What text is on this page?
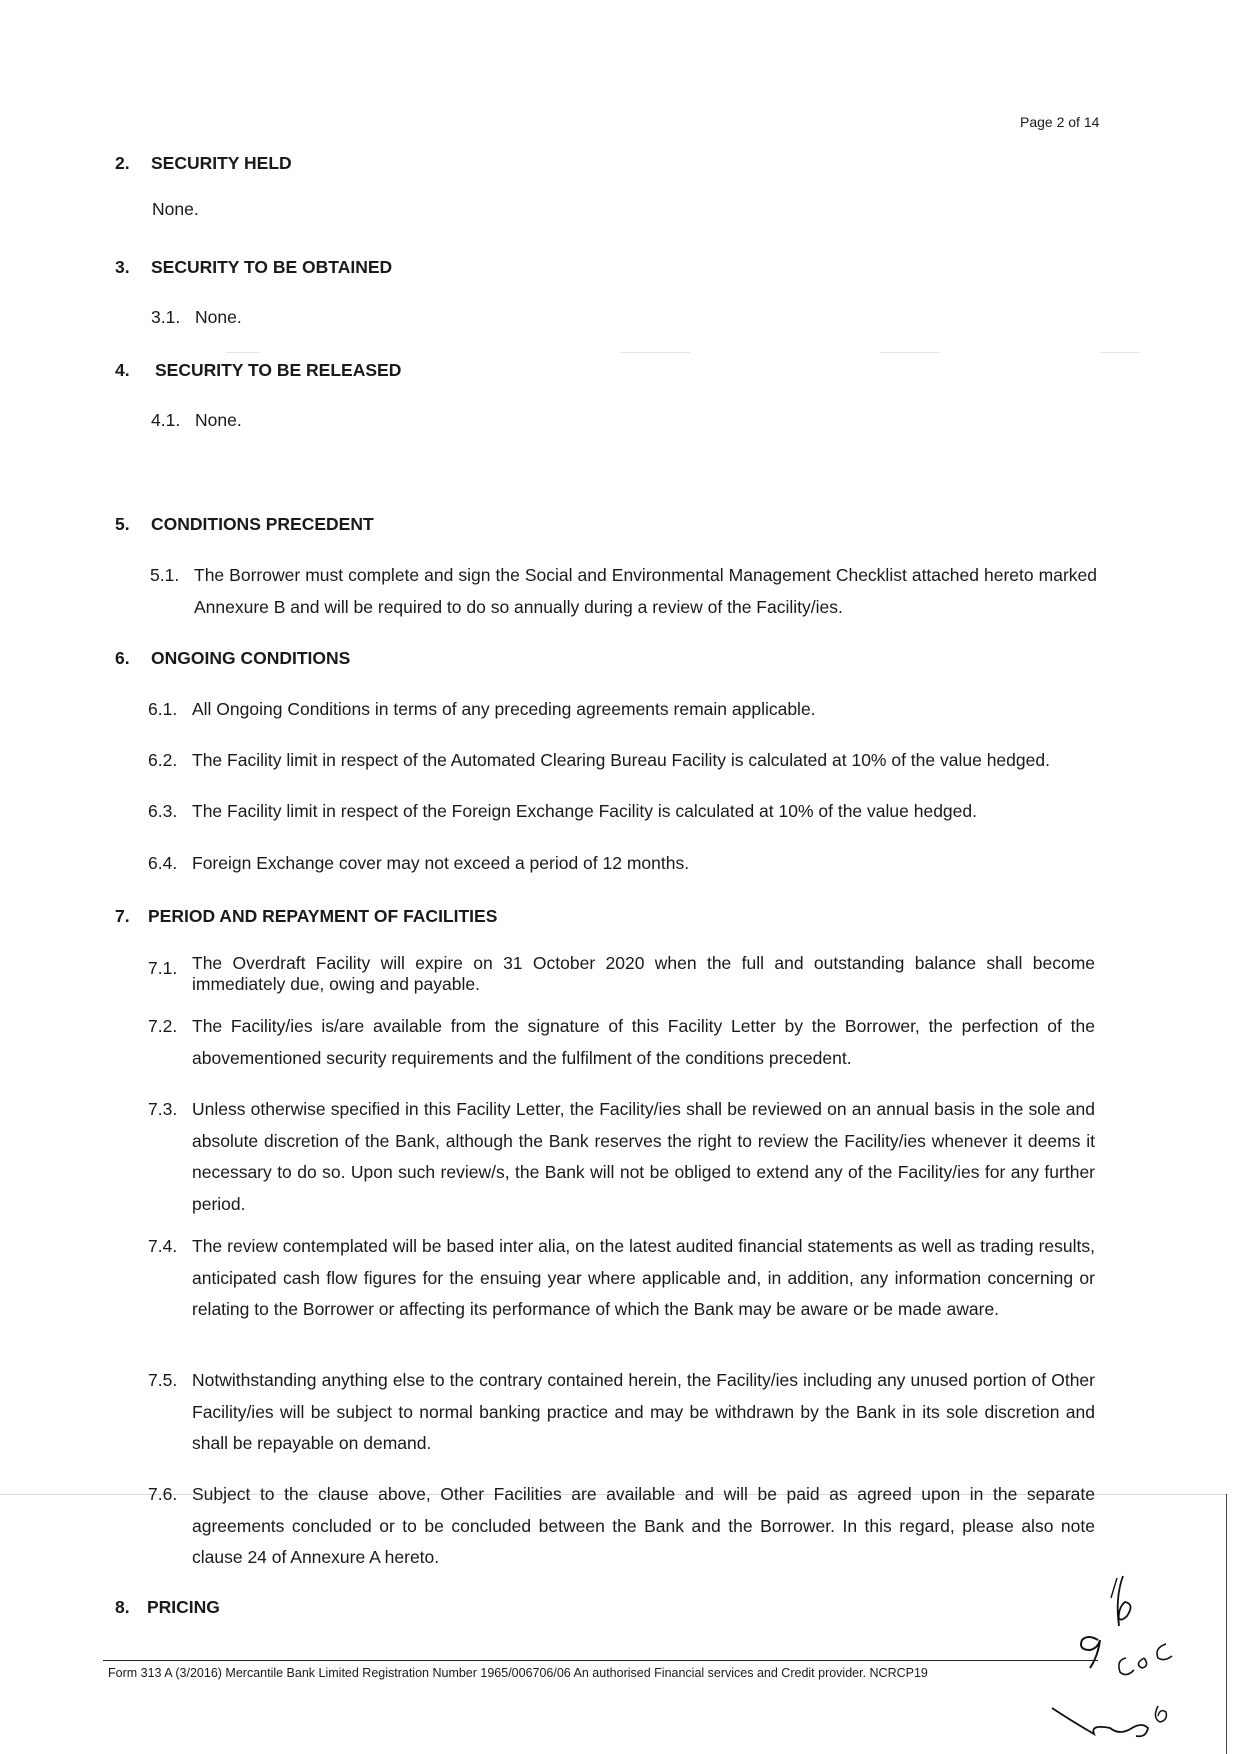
Page 2 of 14
2. SECURITY HELD
None.
3. SECURITY TO BE OBTAINED
3.1. None.
4. SECURITY TO BE RELEASED
4.1. None.
5. CONDITIONS PRECEDENT
5.1. The Borrower must complete and sign the Social and Environmental Management Checklist attached hereto marked Annexure B and will be required to do so annually during a review of the Facility/ies.
6. ONGOING CONDITIONS
6.1. All Ongoing Conditions in terms of any preceding agreements remain applicable.
6.2. The Facility limit in respect of the Automated Clearing Bureau Facility is calculated at 10% of the value hedged.
6.3. The Facility limit in respect of the Foreign Exchange Facility is calculated at 10% of the value hedged.
6.4. Foreign Exchange cover may not exceed a period of 12 months.
7. PERIOD AND REPAYMENT OF FACILITIES
7.1. The Overdraft Facility will expire on 31 October 2020 when the full and outstanding balance shall become immediately due, owing and payable.
7.2. The Facility/ies is/are available from the signature of this Facility Letter by the Borrower, the perfection of the abovementioned security requirements and the fulfilment of the conditions precedent.
7.3. Unless otherwise specified in this Facility Letter, the Facility/ies shall be reviewed on an annual basis in the sole and absolute discretion of the Bank, although the Bank reserves the right to review the Facility/ies whenever it deems it necessary to do so. Upon such review/s, the Bank will not be obliged to extend any of the Facility/ies for any further period.
7.4. The review contemplated will be based inter alia, on the latest audited financial statements as well as trading results, anticipated cash flow figures for the ensuing year where applicable and, in addition, any information concerning or relating to the Borrower or affecting its performance of which the Bank may be aware or be made aware.
7.5. Notwithstanding anything else to the contrary contained herein, the Facility/ies including any unused portion of Other Facility/ies will be subject to normal banking practice and may be withdrawn by the Bank in its sole discretion and shall be repayable on demand.
7.6. Subject to the clause above, Other Facilities are available and will be paid as agreed upon in the separate agreements concluded or to be concluded between the Bank and the Borrower. In this regard, please also note clause 24 of Annexure A hereto.
8. PRICING
Form 313 A (3/2016) Mercantile Bank Limited Registration Number 1965/006706/06 An authorised Financial services and Credit provider. NCRCP19
